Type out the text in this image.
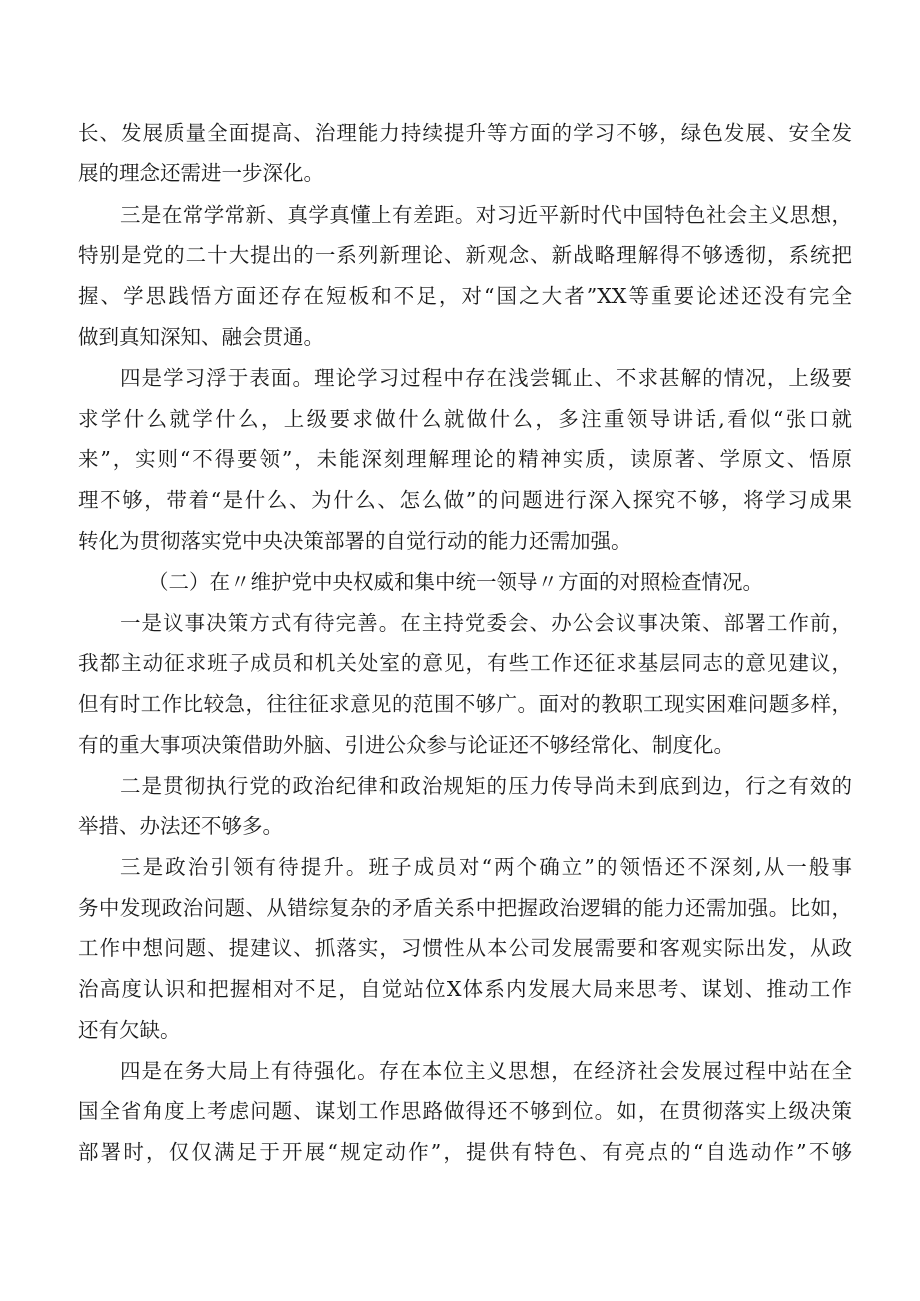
长、发展质量全面提高、治理能力持续提升等方面的学习不够，绿色发展、安全发
展的理念还需进一步深化。
三是在常学常新、真学真懂上有差距。对习近平新时代中国特色社会主义思想，
特别是党的二十大提出的一系列新理论、新观念、新战略理解得不够透彻，系统把
握、学思践悟方面还存在短板和不足，对“国之大者”XX等重要论述还没有完全
做到真知深知、融会贯通。
四是学习浮于表面。理论学习过程中存在浅尝辄止、不求甚解的情况，上级要
求学什么就学什么，上级要求做什么就做什么，多注重领导讲话,看似“张口就
来”，实则“不得要领”，未能深刻理解理论的精神实质，读原著、学原文、悟原
理不够，带着“是什么、为什么、怎么做”的问题进行深入探究不够，将学习成果
转化为贯彻落实党中央决策部署的自觉行动的能力还需加强。
（二）在〃维护党中央权威和集中统一领导〃方面的对照检查情况。
一是议事决策方式有待完善。在主持党委会、办公会议事决策、部署工作前，
我都主动征求班子成员和机关处室的意见，有些工作还征求基层同志的意见建议，
但有时工作比较急，往往征求意见的范围不够广。面对的教职工现实困难问题多样，
有的重大事项决策借助外脑、引进公众参与论证还不够经常化、制度化。
二是贯彻执行党的政治纪律和政治规矩的压力传导尚未到底到边，行之有效的
举措、办法还不够多。
三是政治引领有待提升。班子成员对“两个确立”的领悟还不深刻,从一般事
务中发现政治问题、从错综复杂的矛盾关系中把握政治逻辑的能力还需加强。比如，
工作中想问题、提建议、抓落实，习惯性从本公司发展需要和客观实际出发，从政
治高度认识和把握相对不足，自觉站位X体系内发展大局来思考、谋划、推动工作
还有欠缺。
四是在务大局上有待强化。存在本位主义思想，在经济社会发展过程中站在全
国全省角度上考虑问题、谋划工作思路做得还不够到位。如，在贯彻落实上级决策
部署时，仅仅满足于开展“规定动作”，提供有特色、有亮点的“自选动作”不够
